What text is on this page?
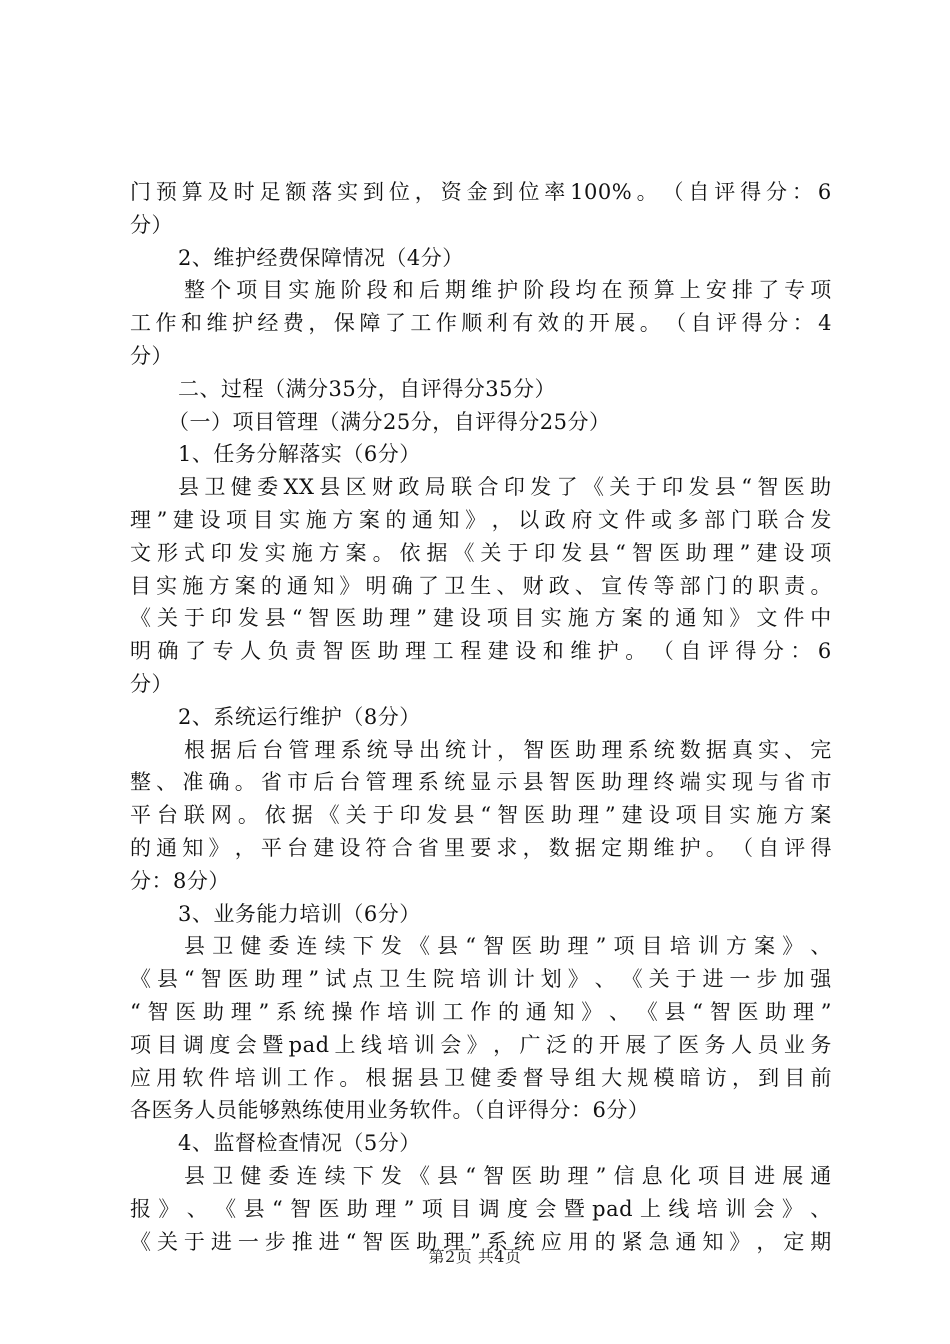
门 预 算 及 时 足 额 落 实 到 位 ， 资 金 到 位 率 100% 。 （ 自 评 得 分 ： 6
分）
2、维护经费保障情况（4分）
整 个 项 目 实 施 阶 段 和 后 期 维 护 阶 段 均 在 预 算 上 安 排 了 专 项
工 作 和 维 护 经 费 ， 保 障 了 工 作 顺 利 有 效 的 开 展 。 （ 自 评 得 分 ： 4
分）
二、过程（满分35分，自评得分35分）
（一）项目管理（满分25分，自评得分25分）
1、任务分解落实（6分）
县 卫 健 委 XX 县 区 财 政 局 联 合 印 发 了 《 关 于 印 发 县 “ 智 医 助
理 ” 建 设 项 目 实 施 方 案 的 通 知 》 ， 以 政 府 文 件 或 多 部 门 联 合 发
文 形 式 印 发 实 施 方 案 。 依 据 《 关 于 印 发 县 “ 智 医 助 理 ” 建 设 项
目 实 施 方 案 的 通 知 》 明 确 了 卫 生 、 财 政 、 宣 传 等 部 门 的 职 责 。
《 关 于 印 发 县 “ 智 医 助 理 ” 建 设 项 目 实 施 方 案 的 通 知 》 文 件 中
明 确 了 专 人 负 责 智 医 助 理 工 程 建 设 和 维 护 。 （ 自 评 得 分 ： 6
分）
2、系统运行维护（8分）
根 据 后 台 管 理 系 统 导 出 统 计 ， 智 医 助 理 系 统 数 据 真 实 、 完
整 、 准 确 。 省 市 后 台 管 理 系 统 显 示 县 智 医 助 理 终 端 实 现 与 省 市
平 台 联 网 。 依 据 《 关 于 印 发 县 “ 智 医 助 理 ” 建 设 项 目 实 施 方 案
的 通 知 》 ， 平 台 建 设 符 合 省 里 要 求 ， 数 据 定 期 维 护 。 （ 自 评 得
分：8分）
3、业务能力培训（6分）
县 卫 健 委 连 续 下 发 《 县 “ 智 医 助 理 ” 项 目 培 训 方 案 》 、
《 县 “ 智 医 助 理 ” 试 点 卫 生 院 培 训 计 划 》 、 《 关 于 进 一 步 加 强
“ 智 医 助 理 ” 系 统 操 作 培 训 工 作 的 通 知 》 、 《 县 “ 智 医 助 理 ”
项 目 调 度 会 暨 pad 上 线 培 训 会 》 ， 广 泛 的 开 展 了 医 务 人 员 业 务
应 用 软 件 培 训 工 作 。 根 据 县 卫 健 委 督 导 组 大 规 模 暗 访 ， 到 目 前
各医务人员能够熟练使用业务软件。（自评得分：6分）
4、监督检查情况（5分）
县 卫 健 委 连 续 下 发 《 县 “ 智 医 助 理 ” 信 息 化 项 目 进 展 通
报 》 、 《 县 “ 智 医 助 理 ” 项 目 调 度 会 暨 pad 上 线 培 训 会 》 、
《 关 于 进 一 步 推 进 “ 智 医 助 理 ” 系 统 应 用 的 紧 急 通 知 》 ， 定 期
第2页 共4页
